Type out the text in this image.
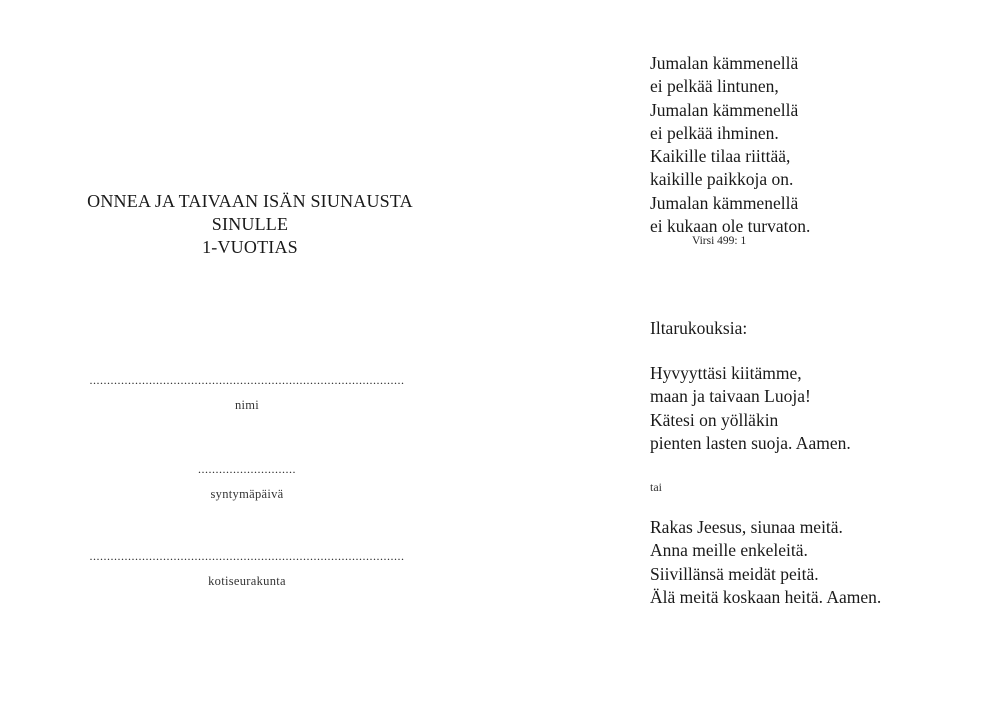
ONNEA JA TAIVAAN ISÄN SIUNAUSTA
SINULLE
1-VUOTIAS
..........................................................................................
nimi
............................
syntymäpäivä
..........................................................................................
kotiseurakunta
Jumalan kämmenellä
ei pelkää lintunen,
Jumalan kämmenellä
ei pelkää ihminen.
Kaikille tilaa riittää,
kaikille paikkoja on.
Jumalan kämmenellä
ei kukaan ole turvaton.
Virsi 499: 1
Iltarukouksia:
Hyvyyttäsi kiitämme,
maan ja taivaan Luoja!
Kätesi on yölläkin
pienten lasten suoja. Aamen.
tai
Rakas Jeesus, siunaa meitä.
Anna meille enkeleitä.
Siivillänsä meidät peitä.
Älä meitä koskaan heitä. Aamen.
